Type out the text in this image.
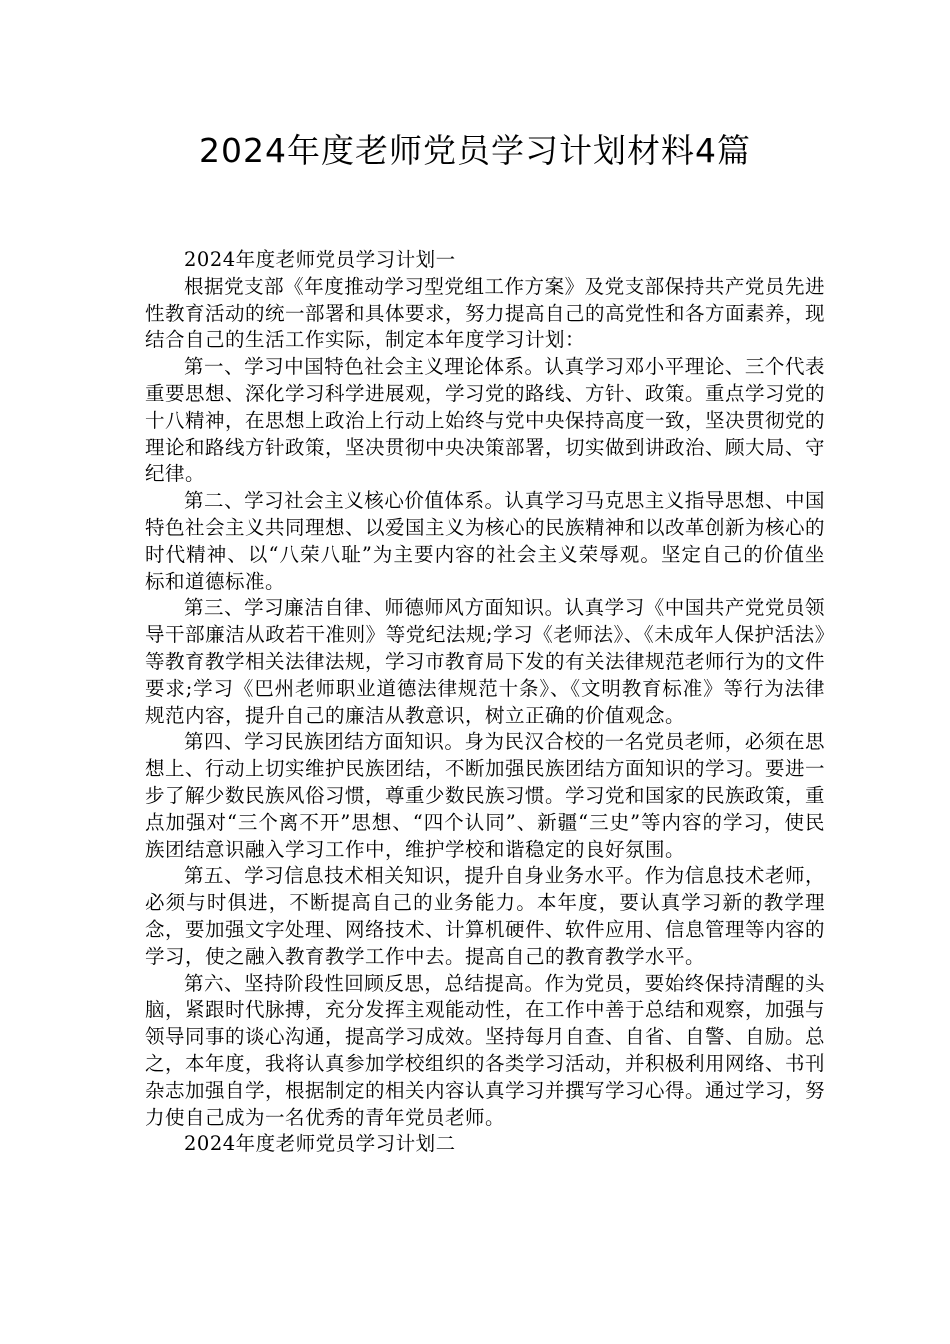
2024年度老师党员学习计划材料4篇

2024年度老师党员学习计划一

根据党支部《年度推动学习型党组工作方案》及党支部保持共产党员先进性教育活动的统一部署和具体要求，努力提高自己的高党性和各方面素养，现结合自己的生活工作实际，制定本年度学习计划：

第一、学习中国特色社会主义理论体系。认真学习邓小平理论、三个代表重要思想、深化学习科学进展观，学习党的路线、方针、政策。重点学习党的十八精神，在思想上政治上行动上始终与党中央保持高度一致，坚决贯彻党的理论和路线方针政策，坚决贯彻中央决策部署，切实做到讲政治、顾大局、守纪律。

第二、学习社会主义核心价值体系。认真学习马克思主义指导思想、中国特色社会主义共同理想、以爱国主义为核心的民族精神和以改革创新为核心的时代精神、以“八荣八耻”为主要内容的社会主义荣辱观。坚定自己的价值坐标和道德标准。

第三、学习廉洁自律、师德师风方面知识。认真学习《中国共产党党员领导干部廉洁从政若干准则》等党纪法规;学习《老师法》、《未成年人保护活法》等教育教学相关法律法规，学习市教育局下发的有关法律规范老师行为的文件要求;学习《巴州老师职业道德法律规范十条》、《文明教育标准》等行为法律规范内容，提升自己的廉洁从教意识，树立正确的价值观念。

第四、学习民族团结方面知识。身为民汉合校的一名党员老师，必须在思想上、行动上切实维护民族团结，不断加强民族团结方面知识的学习。要进一步了解少数民族风俗习惯，尊重少数民族习惯。学习党和国家的民族政策，重点加强对“三个离不开”思想、“四个认同”、新疆“三史”等内容的学习，使民族团结意识融入学习工作中，维护学校和谐稳定的良好氛围。

第五、学习信息技术相关知识，提升自身业务水平。作为信息技术老师，必须与时俱进，不断提高自己的业务能力。本年度，要认真学习新的教学理念，要加强文字处理、网络技术、计算机硬件、软件应用、信息管理等内容的学习，使之融入教育教学工作中去。提高自己的教育教学水平。

第六、坚持阶段性回顾反思，总结提高。作为党员，要始终保持清醒的头脑，紧跟时代脉搏，充分发挥主观能动性，在工作中善于总结和观察，加强与领导同事的谈心沟通，提高学习成效。坚持每月自查、自省、自警、自励。总之，本年度，我将认真参加学校组织的各类学习活动，并积极利用网络、书刊杂志加强自学，根据制定的相关内容认真学习并撰写学习心得。通过学习，努力使自己成为一名优秀的青年党员老师。

2024年度老师党员学习计划二
